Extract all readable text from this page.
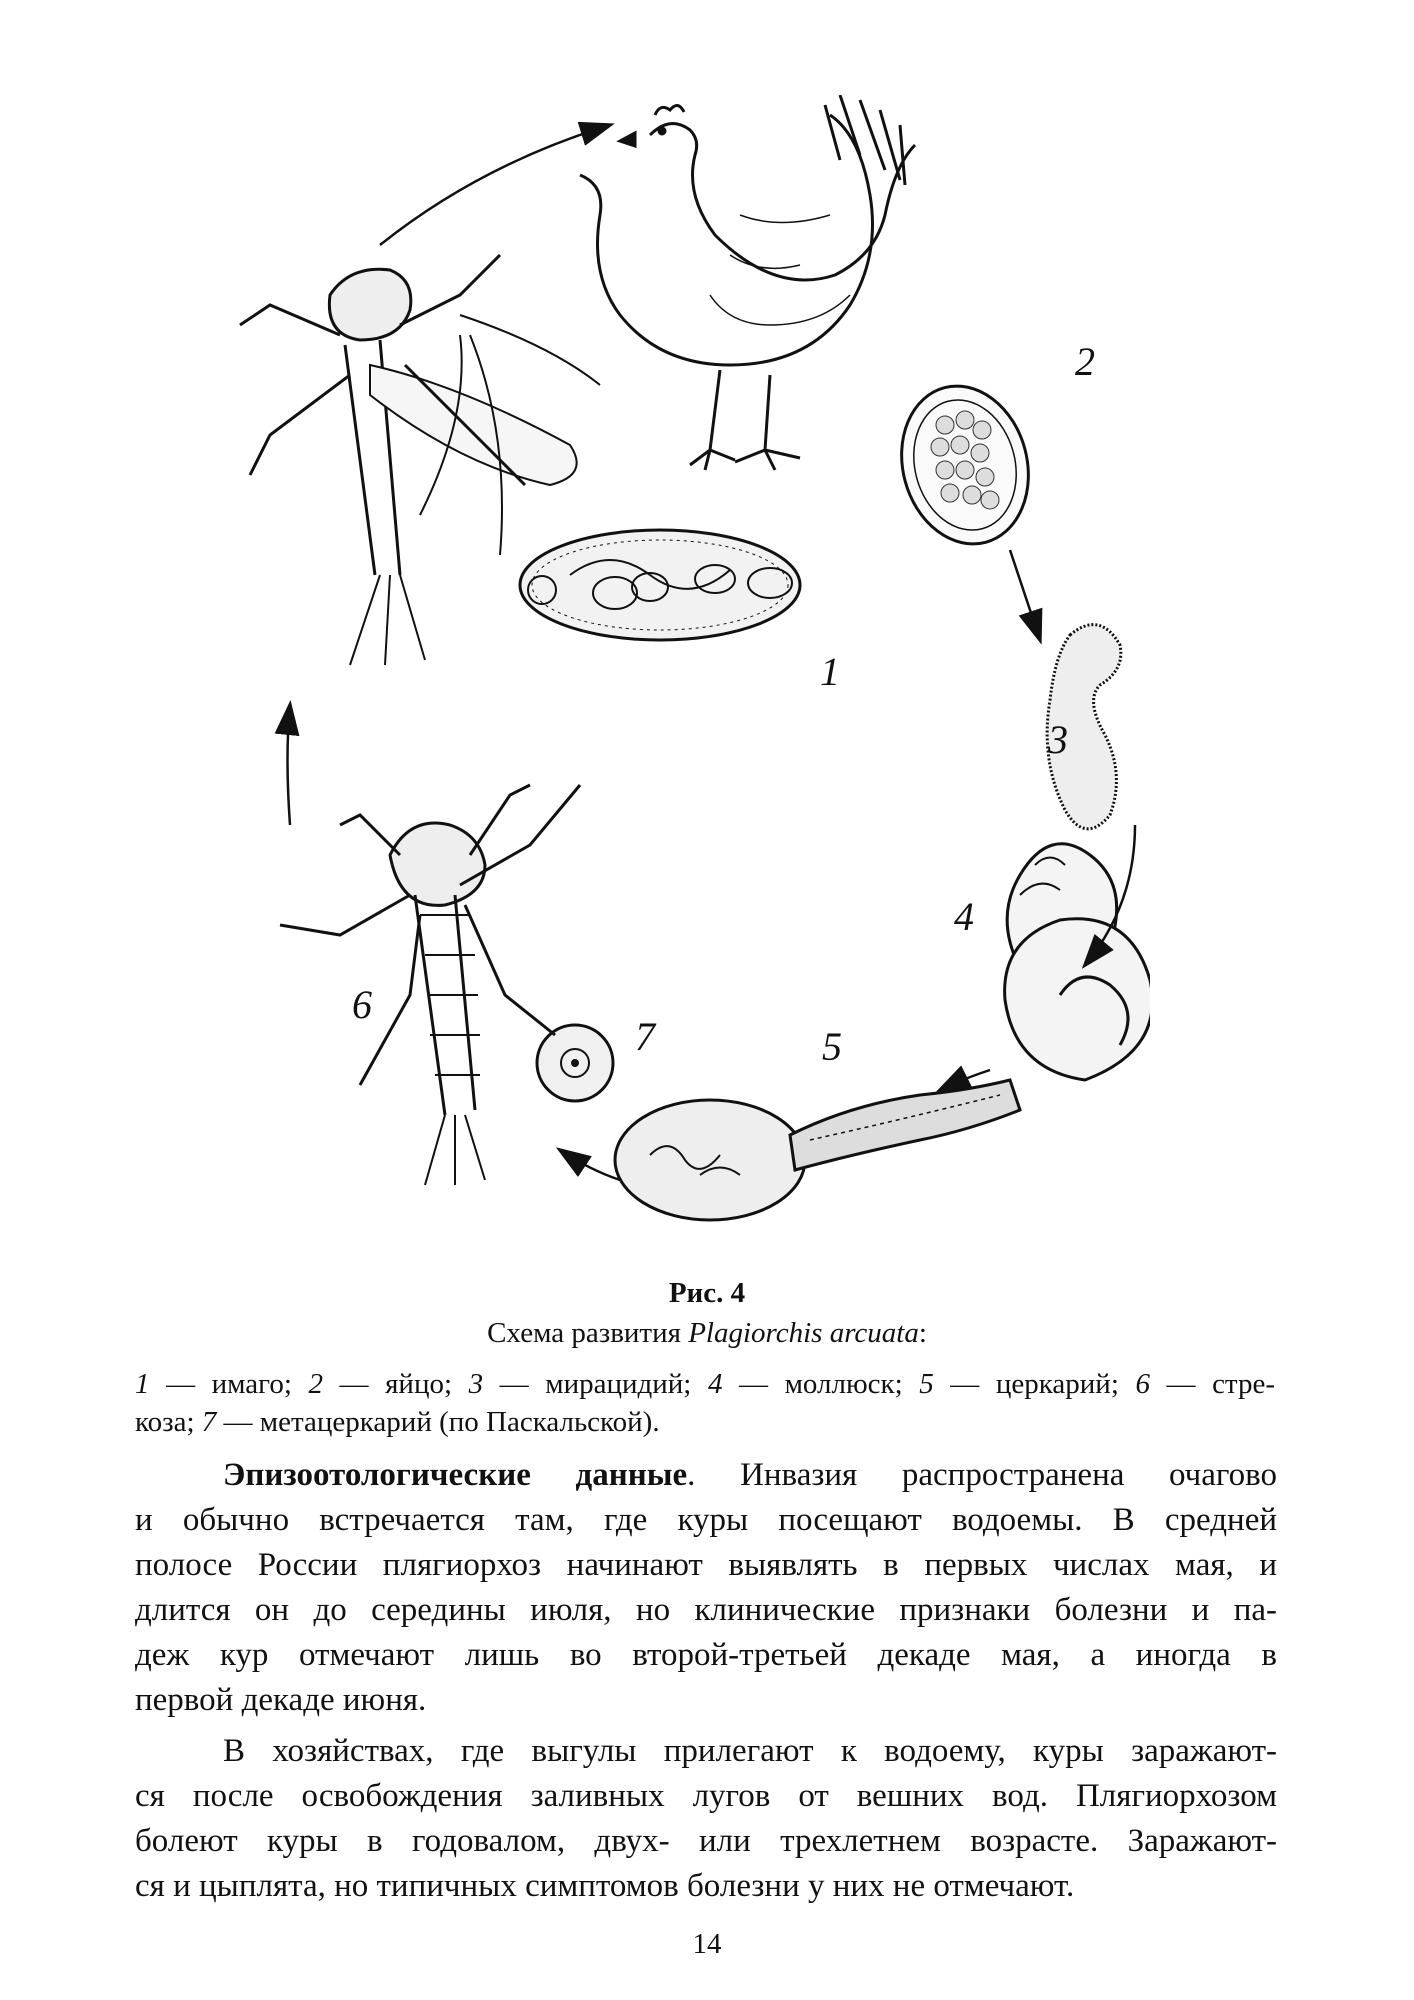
1
2
3
4
5
6
7
Рис. 4
Схема развития Plagiorchis arcuata:
1 — имаго; 2 — яйцо; 3 — мирацидий; 4 — моллюск; 5 — церкарий; 6 — стре-
коза; 7 — метацеркарий (по Паскальской).
Эпизоотологические данные. Инвазия распространена очагово
и обычно встречается там, где куры посещают водоемы. В средней
полосе России плягиорхоз начинают выявлять в первых числах мая, и
длится он до середины июля, но клинические признаки болезни и па-
деж кур отмечают лишь во второй-третьей декаде мая, а иногда в
первой декаде июня.
В хозяйствах, где выгулы прилегают к водоему, куры заражают-
ся после освобождения заливных лугов от вешних вод. Плягиорхозом
болеют куры в годовалом, двух- или трехлетнем возрасте. Заражают-
ся и цыплята, но типичных симптомов болезни у них не отмечают.
14
